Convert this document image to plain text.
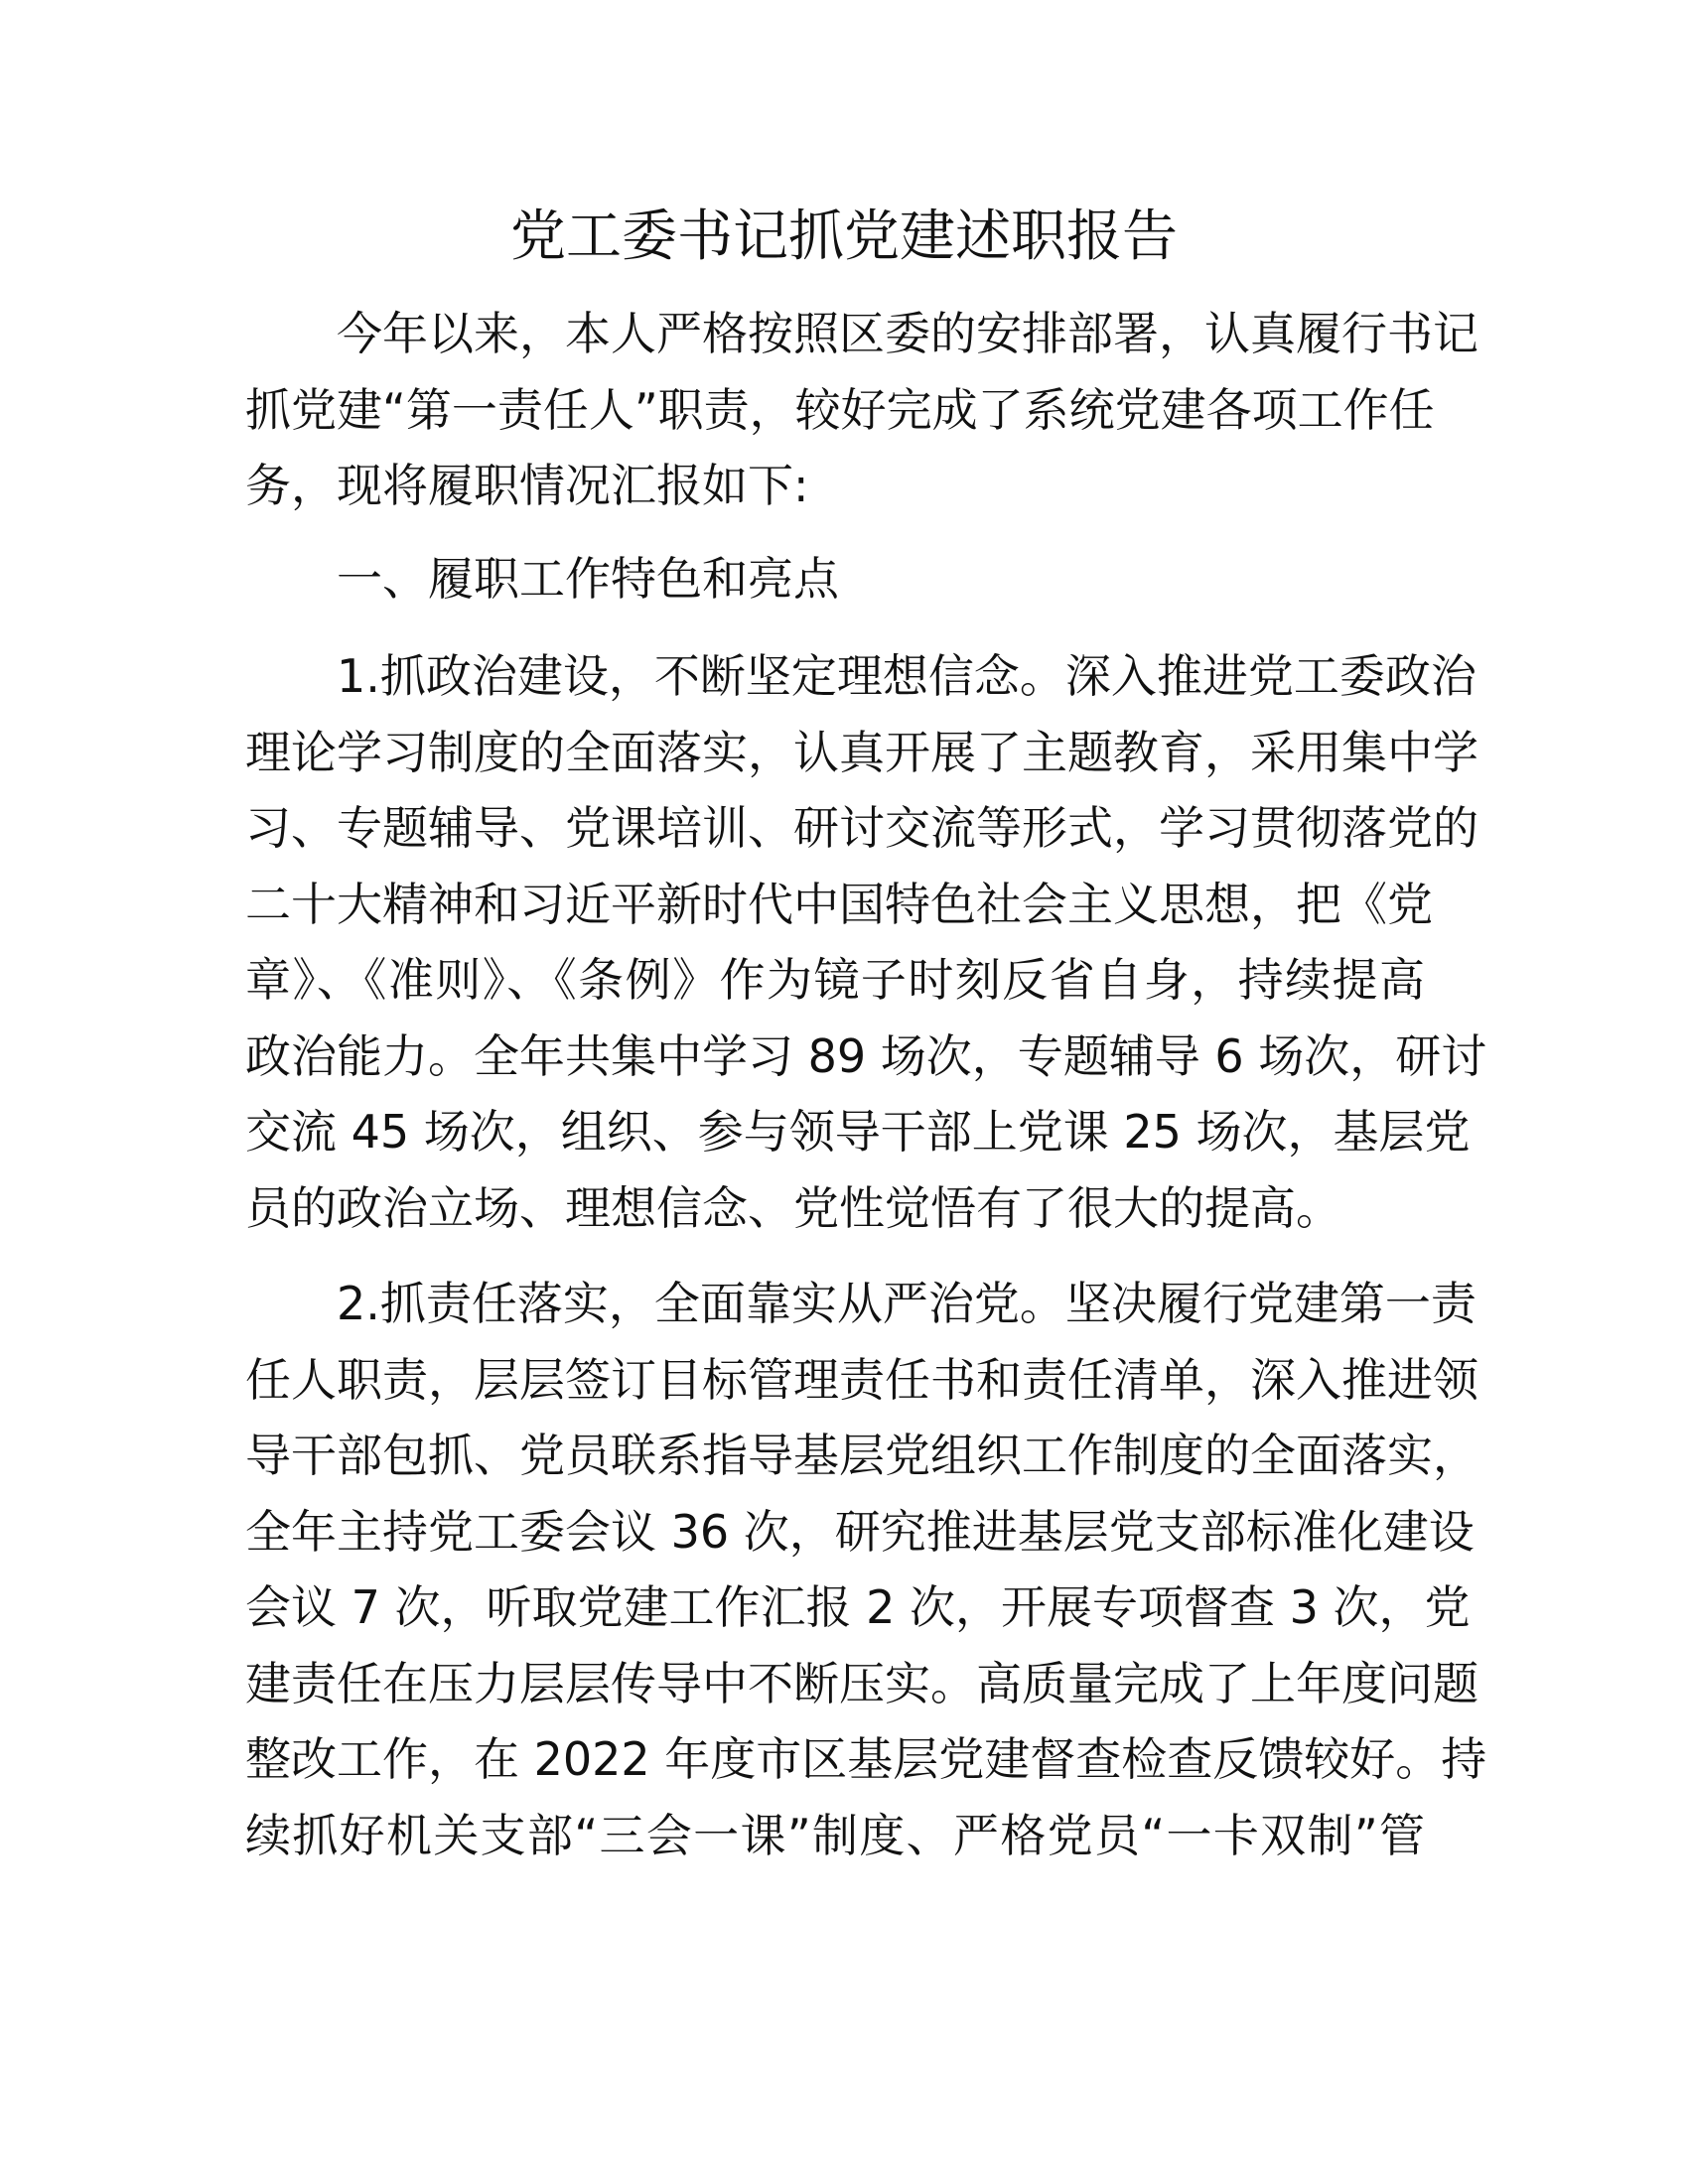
党工委书记抓党建述职报告
今年以来，本人严格按照区委的安排部署，认真履行书记
抓党建“第一责任人”职责，较好完成了系统党建各项工作任
务，现将履职情况汇报如下:
一、履职工作特色和亮点
1.抓政治建设，不断坚定理想信念。深入推进党工委政治
理论学习制度的全面落实，认真开展了主题教育，采用集中学
习、专题辅导、党课培训、研讨交流等形式，学习贯彻落党的
二十大精神和习近平新时代中国特色社会主义思想，把《党
章》、《准则》、《条例》作为镜子时刻反省自身，持续提高
政治能力。全年共集中学习 89 场次，专题辅导 6 场次，研讨
交流 45 场次，组织、参与领导干部上党课 25 场次，基层党
员的政治立场、理想信念、党性觉悟有了很大的提高。
2.抓责任落实，全面靠实从严治党。坚决履行党建第一责
任人职责，层层签订目标管理责任书和责任清单，深入推进领
导干部包抓、党员联系指导基层党组织工作制度的全面落实，
全年主持党工委会议 36 次，研究推进基层党支部标准化建设
会议 7 次，听取党建工作汇报 2 次，开展专项督查 3 次，党
建责任在压力层层传导中不断压实。高质量完成了上年度问题
整改工作，在 2022 年度市区基层党建督查检查反馈较好。持
续抓好机关支部“三会一课”制度、严格党员“一卡双制”管
